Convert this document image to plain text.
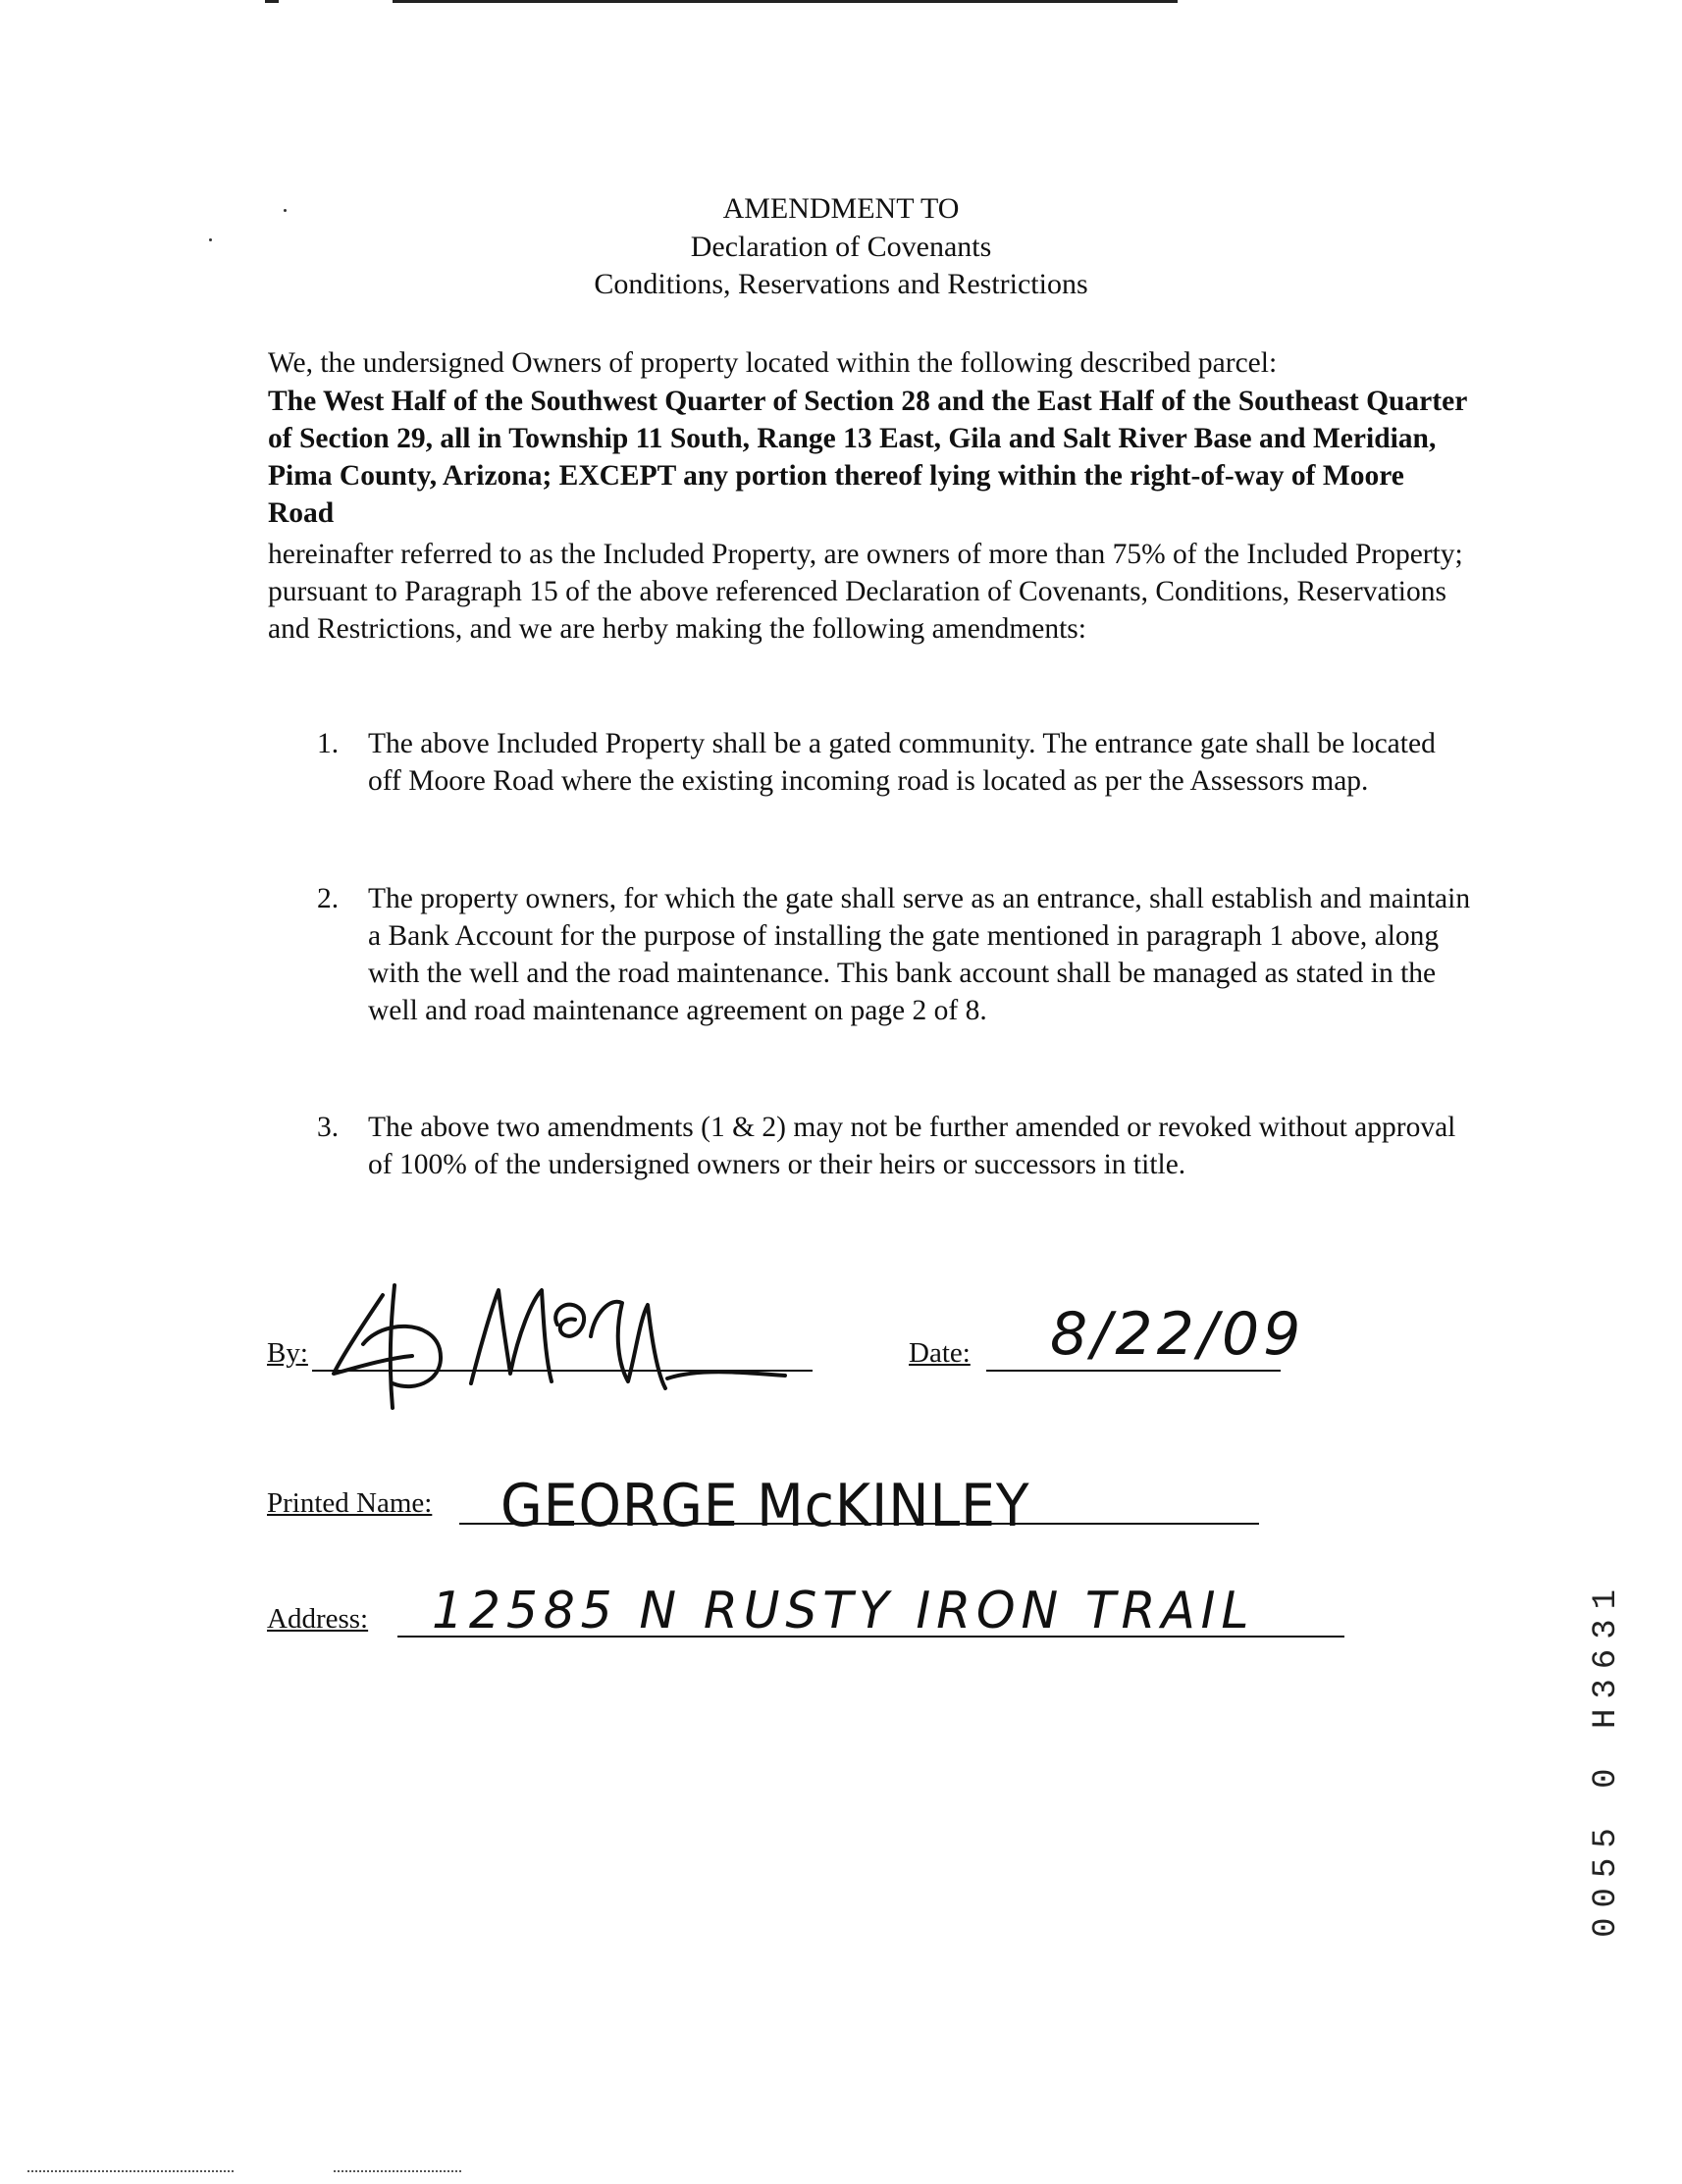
AMENDMENT TO
Declaration of Covenants
Conditions, Reservations and Restrictions
We, the undersigned Owners of property located within the following described parcel:
The West Half of the Southwest Quarter of Section 28 and the East Half of the Southeast Quarter of Section 29, all in Township 11 South, Range 13 East, Gila and Salt River Base and Meridian, Pima County, Arizona; EXCEPT any portion thereof lying within the right-of-way of Moore Road
hereinafter referred to as the Included Property, are owners of more than 75% of the Included Property; pursuant to Paragraph 15 of the above referenced Declaration of Covenants, Conditions, Reservations and Restrictions, and we are herby making the following amendments:
1.	The above Included Property shall be a gated community. The entrance gate shall be located off Moore Road where the existing incoming road is located as per the Assessors map.
2.	The property owners, for which the gate shall serve as an entrance, shall establish and maintain a Bank Account for the purpose of installing the gate mentioned in paragraph 1 above, along with the well and the road maintenance. This bank account shall be managed as stated in the well and road maintenance agreement on page 2 of 8.
3.	The above two amendments (1 & 2) may not be further amended or revoked without approval of 100% of the undersigned owners or their heirs or successors in title.
By:	Date: 8/22/09
Printed Name: GEORGE McKINLEY
Address: 12585 N RUSTY IRON TRAIL	0055 0 H3631
